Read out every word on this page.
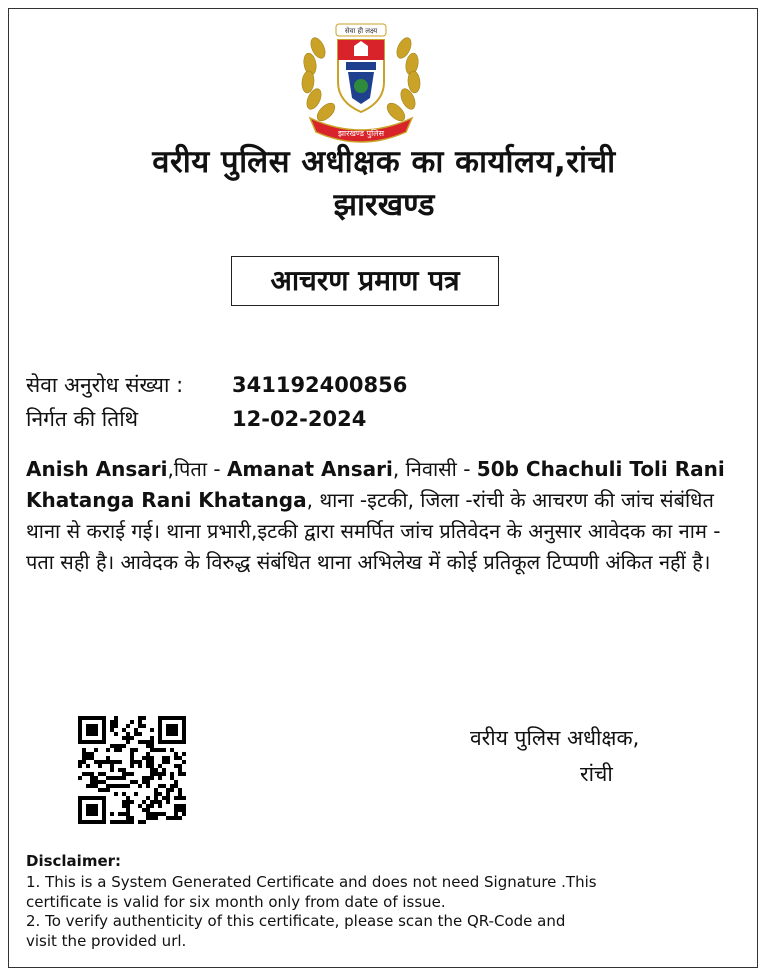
सेवा ही लक्ष्य
झारखण्ड पुलिस
वरीय पुलिस अधीक्षक का कार्यालय,रांची
झारखण्ड
आचरण प्रमाण पत्र
सेवा अनुरोध संख्या : 341192400856
निर्गत की तिथि	12-02-2024
Anish Ansari,पिता - Amanat Ansari, निवासी - 50b Chachuli Toli Rani Khatanga Rani Khatanga, थाना -इटकी, जिला -रांची के आचरण की जांच संबंधित थाना से कराई गई। थाना प्रभारी,इटकी द्वारा समर्पित जांच प्रतिवेदन के अनुसार आवेदक का नाम - पता सही है। आवेदक के विरुद्ध संबंधित थाना अभिलेख में कोई प्रतिकूल टिप्पणी अंकित नहीं है।
वरीय पुलिस अधीक्षक,
रांची
Disclaimer:
1. This is a System Generated Certificate and does not need Signature .This
certificate is valid for six month only from date of issue.
2. To verify authenticity of this certificate, please scan the QR-Code and
visit the provided url.
